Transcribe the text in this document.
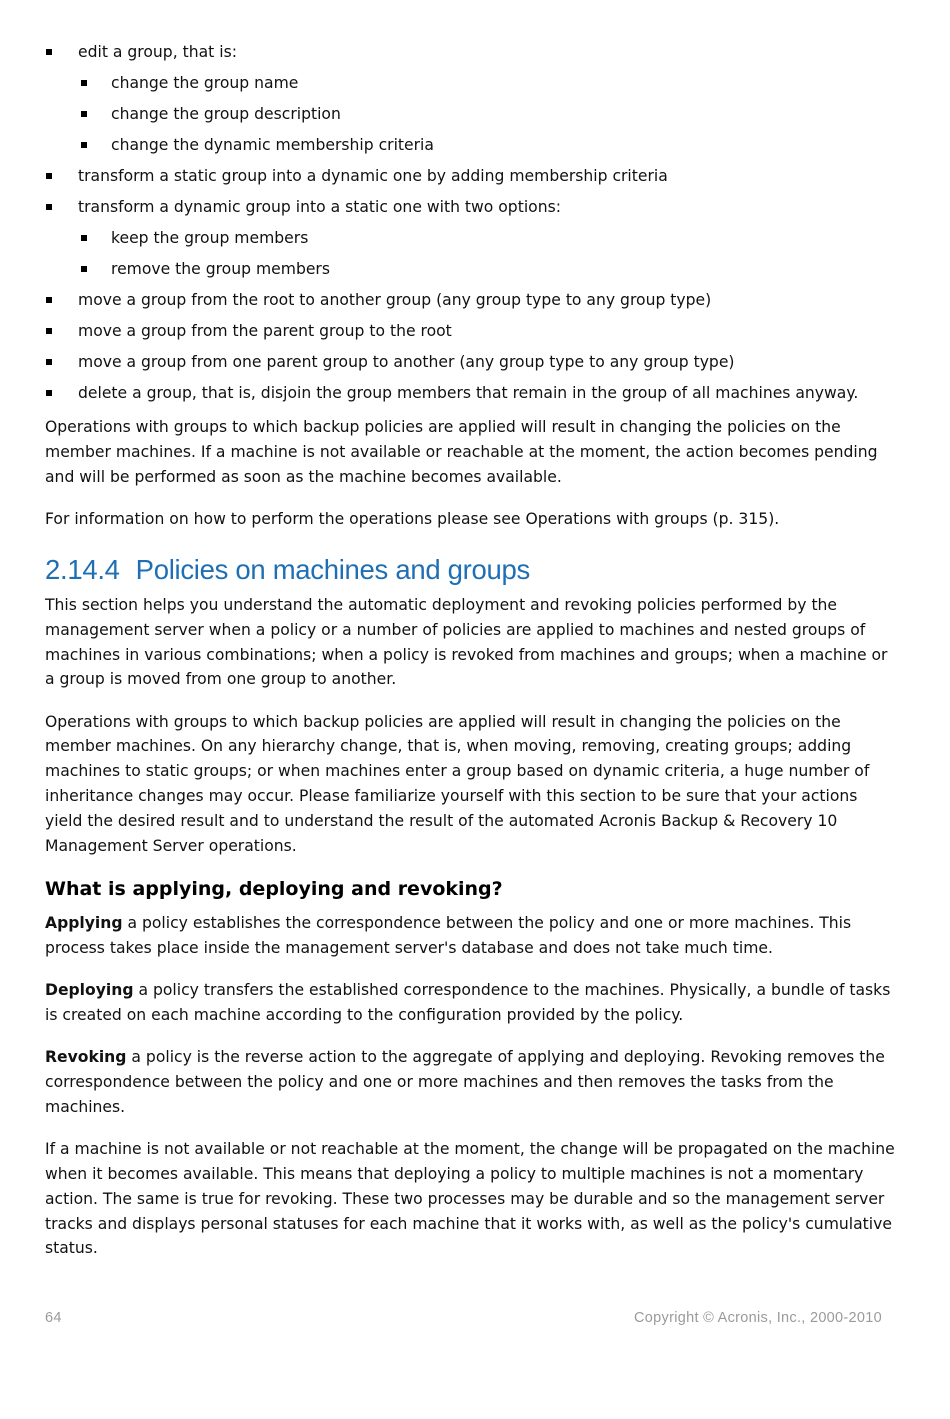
edit a group, that is:
change the group name
change the group description
change the dynamic membership criteria
transform a static group into a dynamic one by adding membership criteria
transform a dynamic group into a static one with two options:
keep the group members
remove the group members
move a group from the root to another group (any group type to any group type)
move a group from the parent group to the root
move a group from one parent group to another (any group type to any group type)
delete a group, that is, disjoin the group members that remain in the group of all machines anyway.

Operations with groups to which backup policies are applied will result in changing the policies on the member machines. If a machine is not available or reachable at the moment, the action becomes pending and will be performed as soon as the machine becomes available.

For information on how to perform the operations please see Operations with groups (p. 315).

2.14.4 Policies on machines and groups

This section helps you understand the automatic deployment and revoking policies performed by the management server when a policy or a number of policies are applied to machines and nested groups of machines in various combinations; when a policy is revoked from machines and groups; when a machine or a group is moved from one group to another.

Operations with groups to which backup policies are applied will result in changing the policies on the member machines. On any hierarchy change, that is, when moving, removing, creating groups; adding machines to static groups; or when machines enter a group based on dynamic criteria, a huge number of inheritance changes may occur. Please familiarize yourself with this section to be sure that your actions yield the desired result and to understand the result of the automated Acronis Backup & Recovery 10 Management Server operations.

What is applying, deploying and revoking?

Applying a policy establishes the correspondence between the policy and one or more machines. This process takes place inside the management server's database and does not take much time.

Deploying a policy transfers the established correspondence to the machines. Physically, a bundle of tasks is created on each machine according to the configuration provided by the policy.

Revoking a policy is the reverse action to the aggregate of applying and deploying. Revoking removes the correspondence between the policy and one or more machines and then removes the tasks from the machines.

If a machine is not available or not reachable at the moment, the change will be propagated on the machine when it becomes available. This means that deploying a policy to multiple machines is not a momentary action. The same is true for revoking. These two processes may be durable and so the management server tracks and displays personal statuses for each machine that it works with, as well as the policy's cumulative status.

64	Copyright © Acronis, Inc., 2000-2010
